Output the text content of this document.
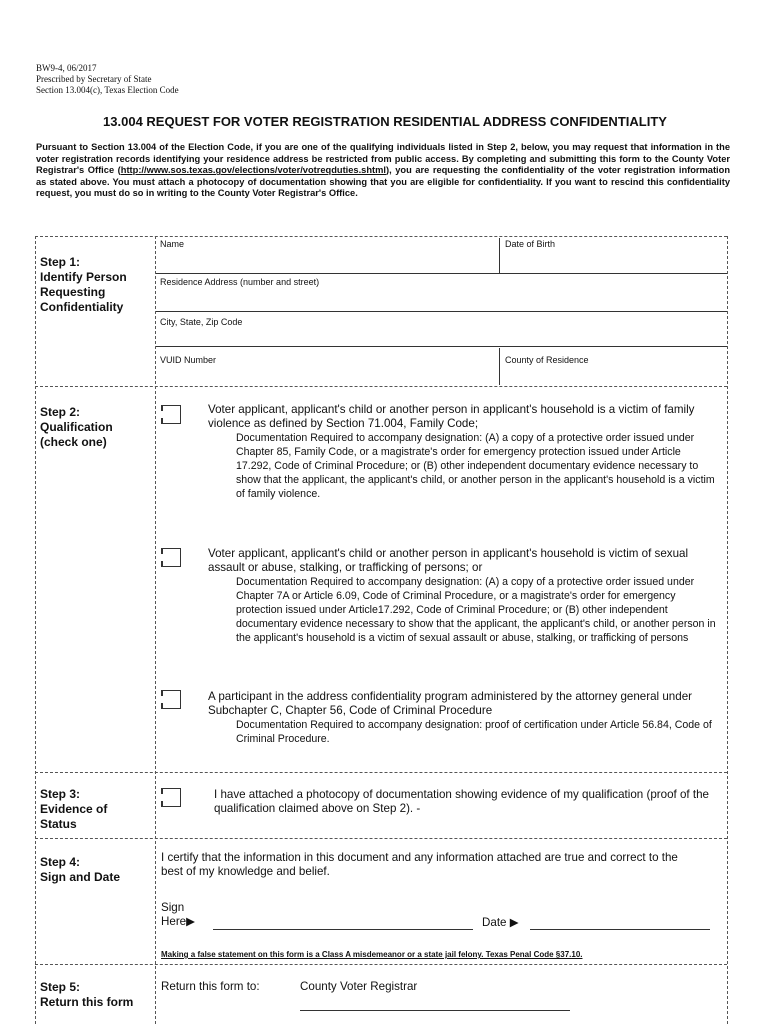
BW9-4, 06/2017
Prescribed by Secretary of State
Section 13.004(c), Texas Election Code
13.004 REQUEST FOR VOTER REGISTRATION RESIDENTIAL ADDRESS CONFIDENTIALITY
Pursuant to Section 13.004 of the Election Code, if you are one of the qualifying individuals listed in Step 2, below, you may request that information in the voter registration records identifying your residence address be restricted from public access. By completing and submitting this form to the County Voter Registrar's Office (http://www.sos.texas.gov/elections/voter/votreqduties.shtml), you are requesting the confidentiality of the voter registration information as stated above. You must attach a photocopy of documentation showing that you are eligible for confidentiality. If you want to rescind this confidentiality request, you must do so in writing to the County Voter Registrar's Office.
Step 1:
Identify Person
Requesting
Confidentiality
Name	Date of Birth
Residence Address (number and street)
City, State, Zip Code
VUID Number	County of Residence
Step 2:
Qualification
(check one)
Voter applicant, applicant's child or another person in applicant's household is a victim of family violence as defined by Section 71.004, Family Code;
Documentation Required to accompany designation: (A) a copy of a protective order issued under Chapter 85, Family Code, or a magistrate's order for emergency protection issued under Article 17.292, Code of Criminal Procedure; or (B) other independent documentary evidence necessary to show that the applicant, the applicant's child, or another person in the applicant's household is a victim of family violence.
Voter applicant, applicant's child or another person in applicant's household is victim of sexual assault or abuse, stalking, or trafficking of persons; or
Documentation Required to accompany designation: (A) a copy of a protective order issued under Chapter 7A or Article 6.09, Code of Criminal Procedure, or a magistrate's order for emergency protection issued under Article17.292, Code of Criminal Procedure; or (B) other independent documentary evidence necessary to show that the applicant, the applicant's child, or another person in the applicant's household is a victim of sexual assault or abuse, stalking, or trafficking of persons
A participant in the address confidentiality program administered by the attorney general under Subchapter C, Chapter 56, Code of Criminal Procedure
Documentation Required to accompany designation: proof of certification under Article 56.84, Code of Criminal Procedure.
Step 3:
Evidence of
Status
I have attached a photocopy of documentation showing evidence of my qualification (proof of the qualification claimed above on Step 2). -
Step 4:
Sign and Date
I certify that the information in this document and any information attached are true and correct to the best of my knowledge and belief.
Sign
Here▶	Date ▶
Making a false statement on this form is a Class A misdemeanor or a state jail felony. Texas Penal Code §37.10.
Step 5:
Return this form
Return this form to:	County Voter Registrar
